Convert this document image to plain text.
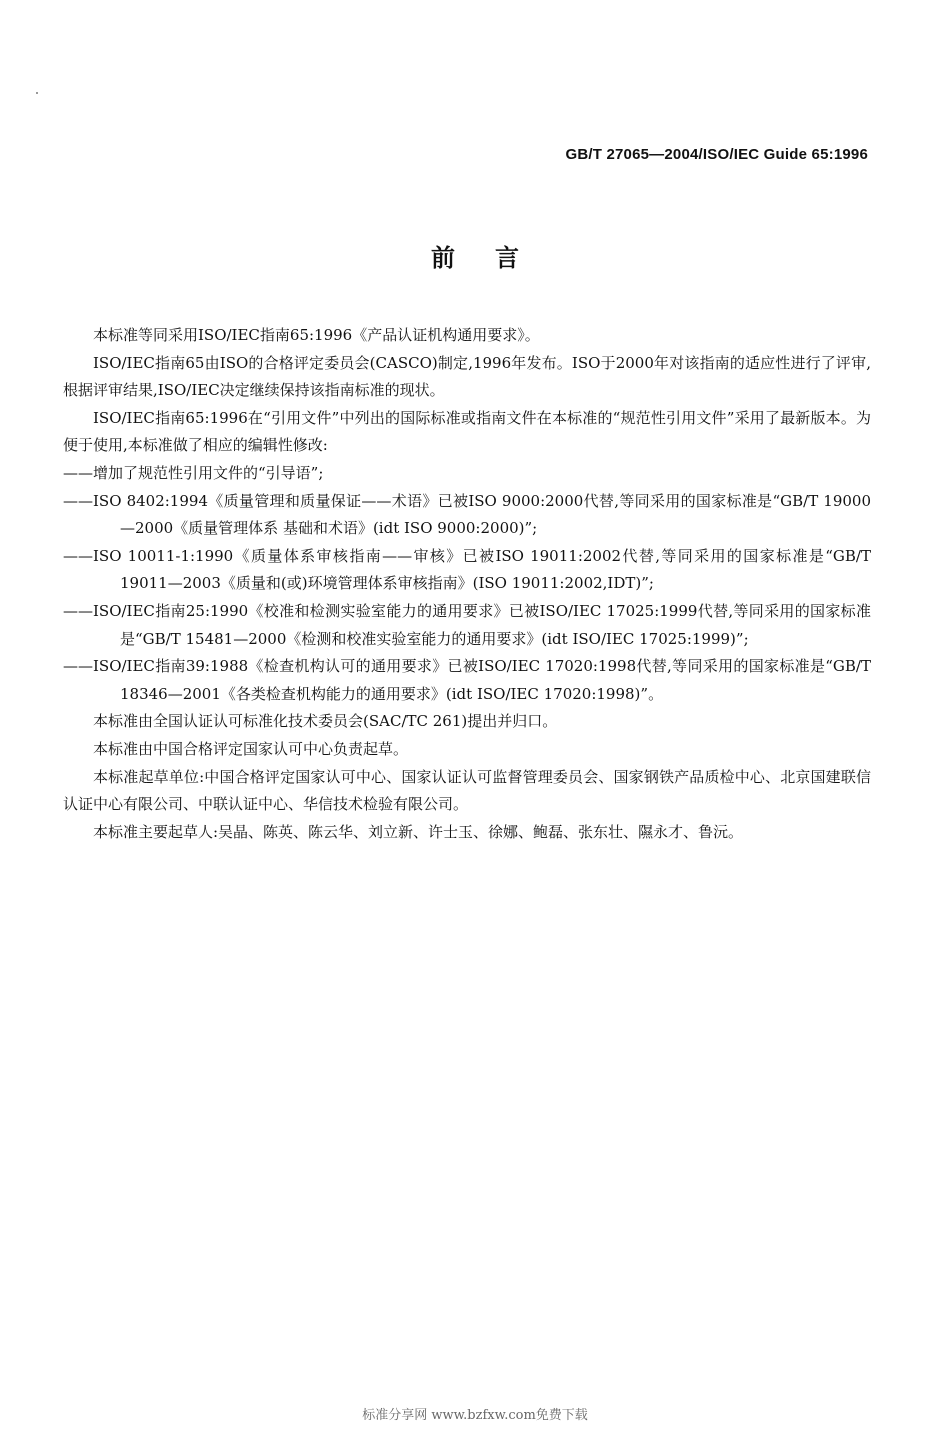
GB/T 27065—2004/ISO/IEC Guide 65:1996
前言

本标准等同采用ISO/IEC指南65:1996《产品认证机构通用要求》。

ISO/IEC指南65由ISO的合格评定委员会(CASCO)制定,1996年发布。ISO于2000年对该指南的适应性进行了评审,根据评审结果,ISO/IEC决定继续保持该指南标准的现状。

ISO/IEC指南65:1996在“引用文件”中列出的国际标准或指南文件在本标准的“规范性引用文件”采用了最新版本。为便于使用,本标准做了相应的编辑性修改:

——增加了规范性引用文件的“引导语”;

——ISO 8402:1994《质量管理和质量保证——术语》已被ISO 9000:2000代替,等同采用的国家标准是“GB/T 19000—2000《质量管理体系 基础和术语》(idt ISO 9000:2000)”;

——ISO 10011-1:1990《质量体系审核指南——审核》已被ISO 19011:2002代替,等同采用的国家标准是“GB/T 19011—2003《质量和(或)环境管理体系审核指南》(ISO 19011:2002,IDT)”;

——ISO/IEC指南25:1990《校准和检测实验室能力的通用要求》已被ISO/IEC 17025:1999代替,等同采用的国家标准是“GB/T 15481—2000《检测和校准实验室能力的通用要求》(idt ISO/IEC 17025:1999)”;

——ISO/IEC指南39:1988《检查机构认可的通用要求》已被ISO/IEC 17020:1998代替,等同采用的国家标准是“GB/T 18346—2001《各类检查机构能力的通用要求》(idt ISO/IEC 17020:1998)”。

本标准由全国认证认可标准化技术委员会(SAC/TC 261)提出并归口。

本标准由中国合格评定国家认可中心负责起草。

本标准起草单位:中国合格评定国家认可中心、国家认证认可监督管理委员会、国家钢铁产品质检中心、北京国建联信认证中心有限公司、中联认证中心、华信技术检验有限公司。

本标准主要起草人:吴晶、陈英、陈云华、刘立新、许士玉、徐娜、鲍磊、张东壮、隰永才、鲁沅。

标准分享网 www.bzfxw.com免费下载
